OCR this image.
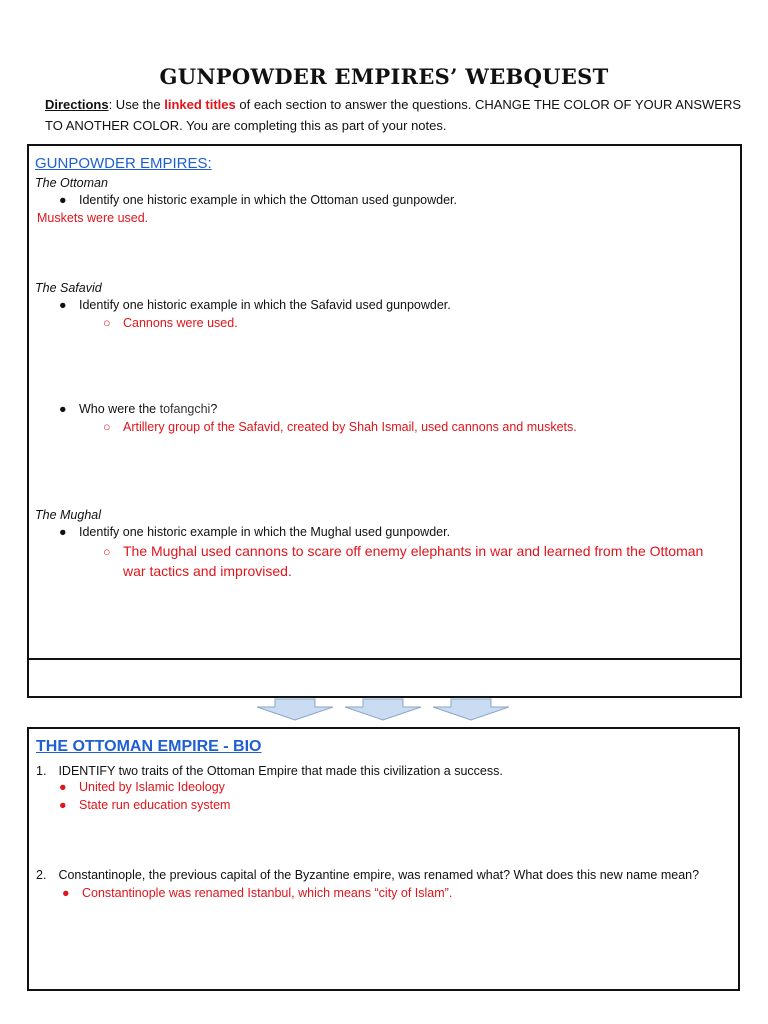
GUNPOWDER EMPIRES’ WEBQUEST
Directions: Use the linked titles of each section to answer the questions. CHANGE THE COLOR OF YOUR ANSWERS
TO ANOTHER COLOR. You are completing this as part of your notes.
GUNPOWDER EMPIRES:
The Ottoman
● Identify one historic example in which the Ottoman used gunpowder.
Muskets were used.
The Safavid
● Identify one historic example in which the Safavid used gunpowder.
○ Cannons were used.
● Who were the tofangchi?
○ Artillery group of the Safavid, created by Shah Ismail, used cannons and muskets.
The Mughal
● Identify one historic example in which the Mughal used gunpowder.
○ The Mughal used cannons to scare off enemy elephants in war and learned from the Ottoman
war tactics and improvised.
THE OTTOMAN EMPIRE - BIO
1. IDENTIFY two traits of the Ottoman Empire that made this civilization a success.
● United by Islamic Ideology
● State run education system
2. Constantinople, the previous capital of the Byzantine empire, was renamed what? What does this new name mean?
● Constantinople was renamed Istanbul, which means “city of Islam”.
